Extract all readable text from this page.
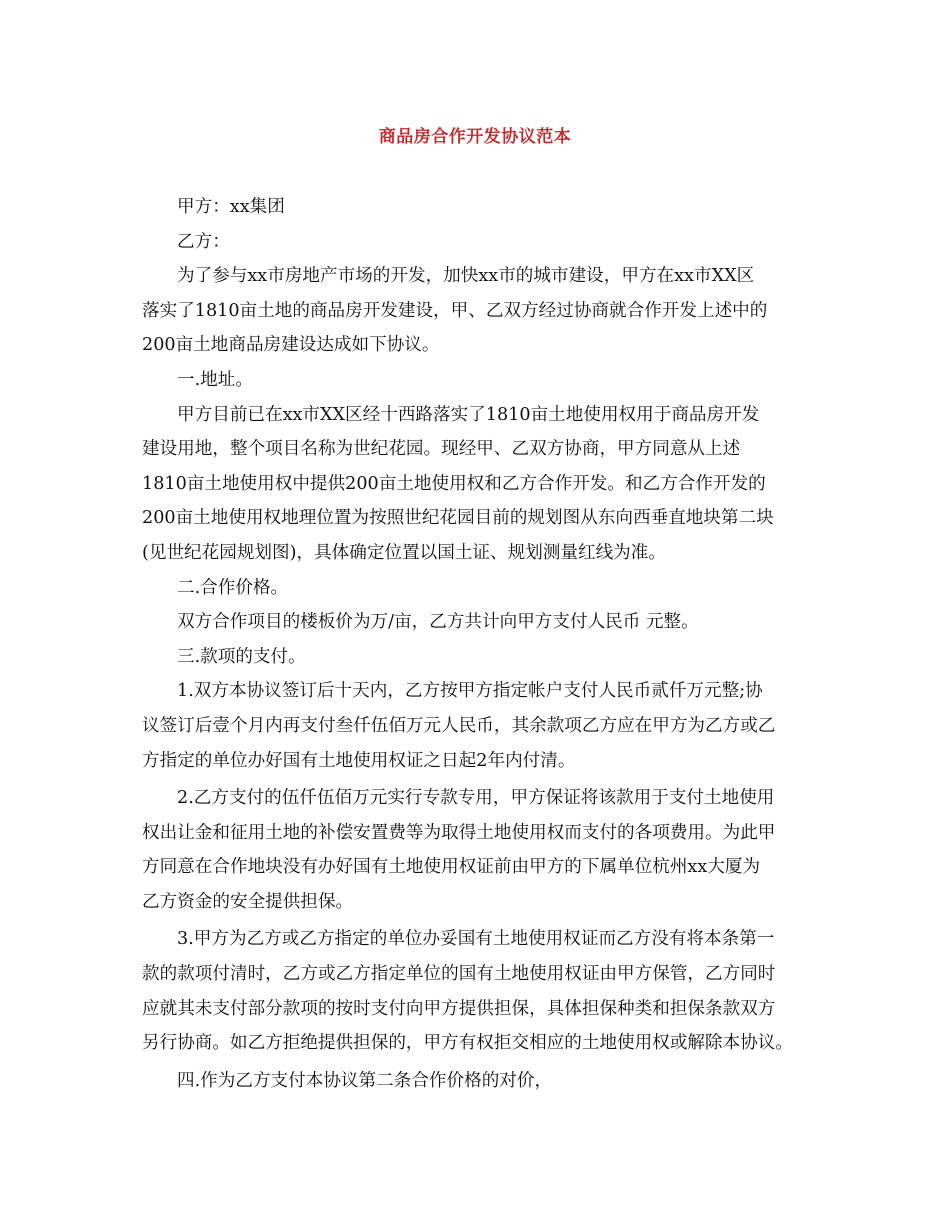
商品房合作开发协议范本
甲方：xx集团
乙方：
为了参与xx市房地产市场的开发，加快xx市的城市建设，甲方在xx市XX区
落实了1810亩土地的商品房开发建设，甲、乙双方经过协商就合作开发上述中的
200亩土地商品房建设达成如下协议。
一.地址。
甲方目前已在xx市XX区经十西路落实了1810亩土地使用权用于商品房开发
建设用地，整个项目名称为世纪花园。现经甲、乙双方协商，甲方同意从上述
1810亩土地使用权中提供200亩土地使用权和乙方合作开发。和乙方合作开发的
200亩土地使用权地理位置为按照世纪花园目前的规划图从东向西垂直地块第二块
(见世纪花园规划图)，具体确定位置以国土证、规划测量红线为准。
二.合作价格。
双方合作项目的楼板价为万/亩，乙方共计向甲方支付人民币 元整。
三.款项的支付。
1.双方本协议签订后十天内，乙方按甲方指定帐户支付人民币贰仟万元整;协
议签订后壹个月内再支付叁仟伍佰万元人民币，其余款项乙方应在甲方为乙方或乙
方指定的单位办好国有土地使用权证之日起2年内付清。
2.乙方支付的伍仟伍佰万元实行专款专用，甲方保证将该款用于支付土地使用
权出让金和征用土地的补偿安置费等为取得土地使用权而支付的各项费用。为此甲
方同意在合作地块没有办好国有土地使用权证前由甲方的下属单位杭州xx大厦为
乙方资金的安全提供担保。
3.甲方为乙方或乙方指定的单位办妥国有土地使用权证而乙方没有将本条第一
款的款项付清时，乙方或乙方指定单位的国有土地使用权证由甲方保管，乙方同时
应就其未支付部分款项的按时支付向甲方提供担保，具体担保种类和担保条款双方
另行协商。如乙方拒绝提供担保的，甲方有权拒交相应的土地使用权或解除本协议。
四.作为乙方支付本协议第二条合作价格的对价，
